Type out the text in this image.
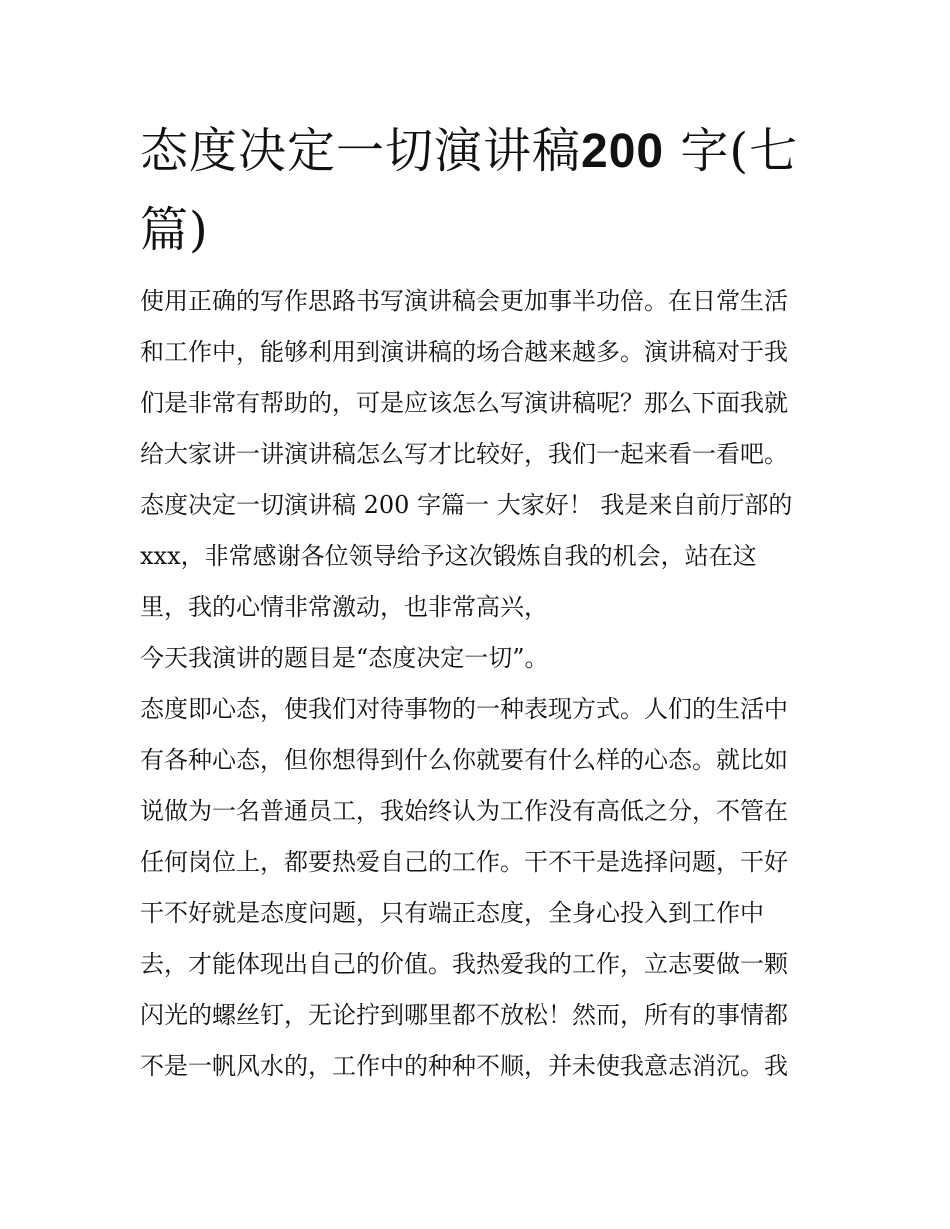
态度决定一切演讲稿200 字(七
篇)
使用正确的写作思路书写演讲稿会更加事半功倍。在日常生活
和工作中，能够利用到演讲稿的场合越来越多。演讲稿对于我
们是非常有帮助的，可是应该怎么写演讲稿呢？那么下面我就
给大家讲一讲演讲稿怎么写才比较好，我们一起来看一看吧。
态度决定一切演讲稿 200 字篇一 大家好！ 我是来自前厅部的
xxx，非常感谢各位领导给予这次锻炼自我的机会，站在这
里，我的心情非常激动，也非常高兴，
今天我演讲的题目是“态度决定一切”。
态度即心态，使我们对待事物的一种表现方式。人们的生活中
有各种心态，但你想得到什么你就要有什么样的心态。就比如
说做为一名普通员工，我始终认为工作没有高低之分，不管在
任何岗位上，都要热爱自己的工作。干不干是选择问题，干好
干不好就是态度问题，只有端正态度，全身心投入到工作中
去，才能体现出自己的价值。我热爱我的工作，立志要做一颗
闪光的螺丝钉，无论拧到哪里都不放松！然而，所有的事情都
不是一帆风水的，工作中的种种不顺，并未使我意志消沉。我
